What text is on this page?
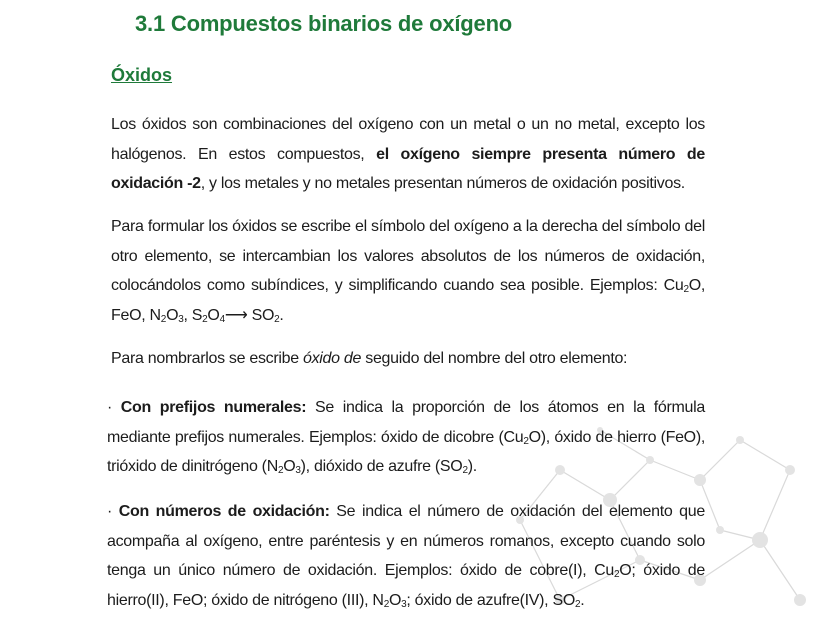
3.1 Compuestos binarios de oxígeno
Óxidos

Los óxidos son combinaciones del oxígeno con un metal o un no metal, excepto los halógenos. En estos compuestos, el oxígeno siempre presenta número de oxidación -2, y los metales y no metales presentan números de oxidación positivos.

Para formular los óxidos se escribe el símbolo del oxígeno a la derecha del símbolo del otro elemento, se intercambian los valores absolutos de los números de oxidación, colocándolos como subíndices, y simplificando cuando sea posible. Ejemplos: $Cu_2O$, FeO, $N_2O_3$, $S_2O_4⟶$ $SO_2$.

Para nombrarlos se escribe óxido de seguido del nombre del otro elemento:

· Con prefijos numerales: Se indica la proporción de los átomos en la fórmula mediante prefijos numerales. Ejemplos: óxido de dicobre $(Cu_2O)$, óxido de hierro (FeO), trióxido de dinitrógeno $(N_2O_3)$, dióxido de azufre $(SO_2)$.

· Con números de oxidación: Se indica el número de oxidación del elemento que acompaña al oxígeno, entre paréntesis y en números romanos, excepto cuando solo tenga un único número de oxidación. Ejemplos: óxido de cobre(I), $Cu_2O$; óxido de hierro(II), FeO; óxido de nitrógeno (III), $N_2O_3$; óxido de azufre(IV), $SO_2$.
